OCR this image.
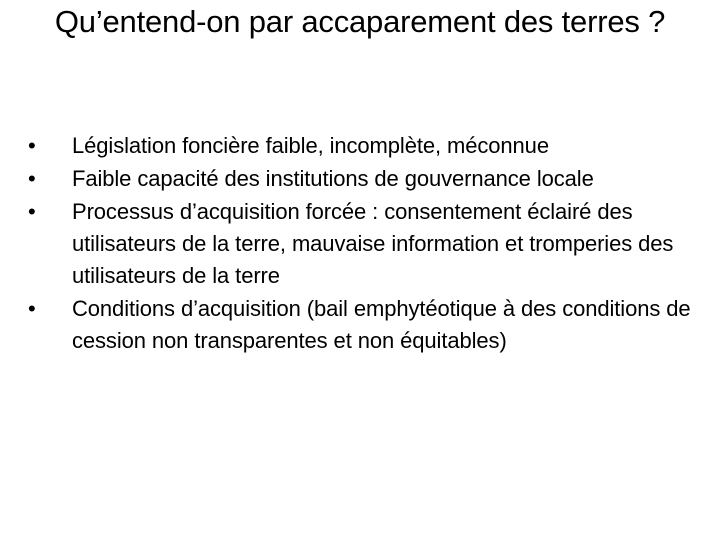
Qu’entend-on par accaparement des terres ?
•	Législation foncière faible, incomplète, méconnue
•	Faible capacité des institutions de gouvernance locale
•	Processus d’acquisition forcée : consentement éclairé des utilisateurs de la terre, mauvaise information et tromperies des utilisateurs de la terre
•	Conditions d’acquisition (bail emphytéotique à des conditions de cession non transparentes et non équitables)
